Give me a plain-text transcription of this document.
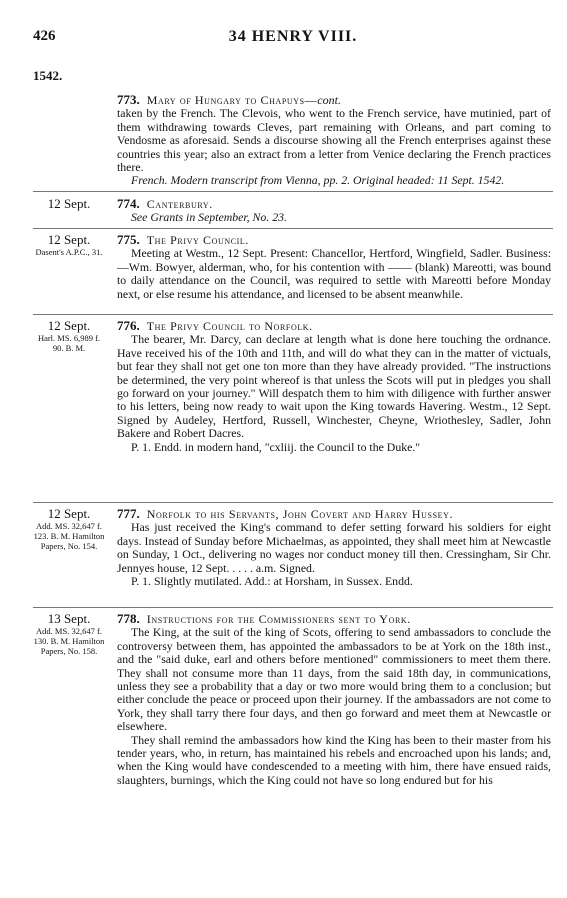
426	34 HENRY VIII.
1542.

773. Mary of Hungary to Chapuys—cont.

taken by the French. The Clevois, who went to the French service, have mutinied, part of them withdrawing towards Cleves, part remaining with Orleans, and part coming to Vendosme as aforesaid. Sends a discourse showing all the French enterprises against these countries this year; also an extract from a letter from Venice declaring the French practices there.

French. Modern transcript from Vienna, pp. 2. Original headed: 11 Sept. 1542.

12 Sept.	774. Canterbury.

See Grants in September, No. 23.

12 Sept.
Dasent's A.P.C., 31.

775. The Privy Council.

Meeting at Westm., 12 Sept. Present: Chancellor, Hertford, Wingfield, Sadler. Business:—Wm. Bowyer, alderman, who, for his contention with —— (blank) Mareotti, was bound to daily attendance on the Council, was required to settle with Mareotti before Monday next, or else resume his attendance, and licensed to be absent meanwhile.

12 Sept.
Harl. MS. 6,989 f. 90. B. M.

776. The Privy Council to Norfolk.

The bearer, Mr. Darcy, can declare at length what is done here touching the ordnance. Have received his of the 10th and 11th, and will do what they can in the matter of victuals, but fear they shall not get one ton more than they have already provided. "The instructions be determined, the very point whereof is that unless the Scots will put in pledges you shall go forward on your journey." Will despatch them to him with diligence with further answer to his letters, being now ready to wait upon the King towards Havering. Westm., 12 Sept. Signed by Audeley, Hertford, Russell, Winchester, Cheyne, Wriothesley, Sadler, John Bakere and Robert Dacres.

P. 1. Endd. in modern hand, "cxliij. the Council to the Duke."

12 Sept.
Add. MS. 32,647 f. 123. B. M. Hamilton Papers, No. 154.

777. Norfolk to his Servants, John Covert and Harry Hussey.

Has just received the King's command to defer setting forward his soldiers for eight days. Instead of Sunday before Michaelmas, as appointed, they shall meet him at Newcastle on Sunday, 1 Oct., delivering no wages nor conduct money till then. Cressingham, Sir Chr. Jennyes house, 12 Sept. . . . . a.m. Signed.

P. 1. Slightly mutilated. Add.: at Horsham, in Sussex. Endd.

13 Sept.
Add. MS. 32,647 f. 130. B. M. Hamilton Papers, No. 158.

778. Instructions for the Commissioners sent to York.

The King, at the suit of the king of Scots, offering to send ambassadors to conclude the controversy between them, has appointed the ambassadors to be at York on the 18th inst., and the "said duke, earl and others before mentioned" commissioners to meet them there. They shall not consume more than 11 days, from the said 18th day, in communications, unless they see a probability that a day or two more would bring them to a conclusion; but either conclude the peace or proceed upon their journey. If the ambassadors are not come to York, they shall tarry there four days, and then go forward and meet them at Newcastle or elsewhere.

They shall remind the ambassadors how kind the King has been to their master from his tender years, who, in return, has maintained his rebels and encroached upon his lands; and, when the King would have condescended to a meeting with him, there have ensued raids, slaughters, burnings, which the King could not have so long endured but for his
